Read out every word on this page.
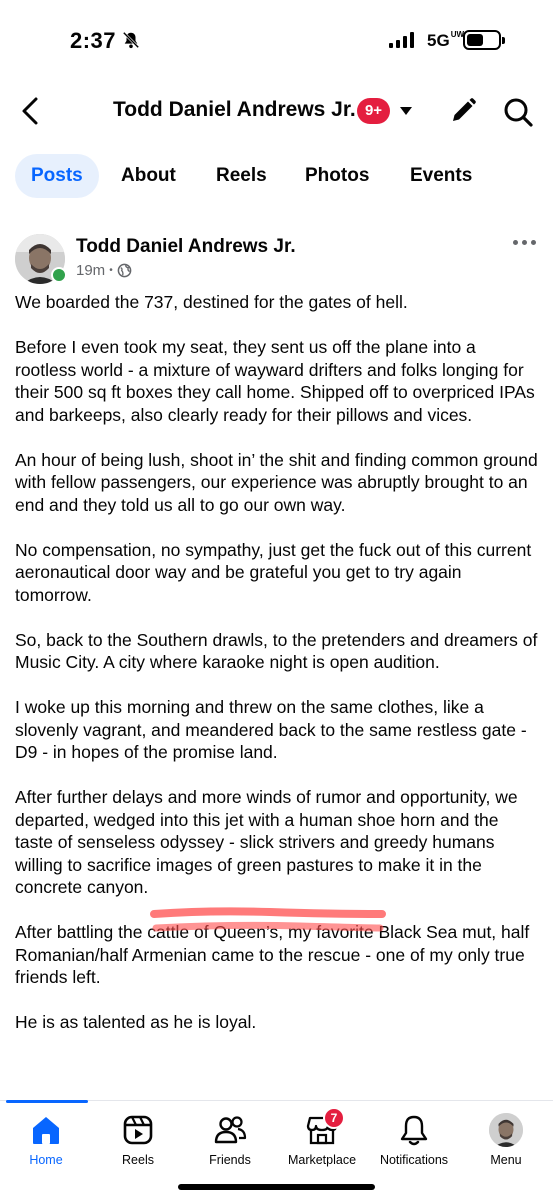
2:37	5GUW
Todd Daniel Andrews Jr. 9+
Posts	About Reels Photos Events
Todd Daniel Andrews Jr.
19m •

We boarded the 737, destined for the gates of hell.

Before I even took my seat, they sent us off the plane into a rootless world - a mixture of wayward drifters and folks longing for their 500 sq ft boxes they call home. Shipped off to overpriced IPAs and barkeeps, also clearly ready for their pillows and vices.

An hour of being lush, shoot in’ the shit and finding common ground with fellow passengers, our experience was abruptly brought to an end and they told us all to go our own way.

No compensation, no sympathy, just get the fuck out of this current aeronautical door way and be grateful you get to try again tomorrow.

So, back to the Southern drawls, to the pretenders and dreamers of Music City. A city where karaoke night is open audition.

I woke up this morning and threw on the same clothes, like a slovenly vagrant, and meandered back to the same restless gate - D9 - in hopes of the promise land.

After further delays and more winds of rumor and opportunity, we departed, wedged into this jet with a human shoe horn and the taste of senseless odyssey - slick strivers and greedy humans willing to sacrifice images of green pastures to make it in the concrete canyon.

After battling the cattle of Queen’s, my favorite Black Sea mut, half Romanian/half Armenian came to the rescue - one of my only true friends left.

He is as talented as he is loyal.

Home	Reels	Friends
7
Marketplace	Notifications	Menu
